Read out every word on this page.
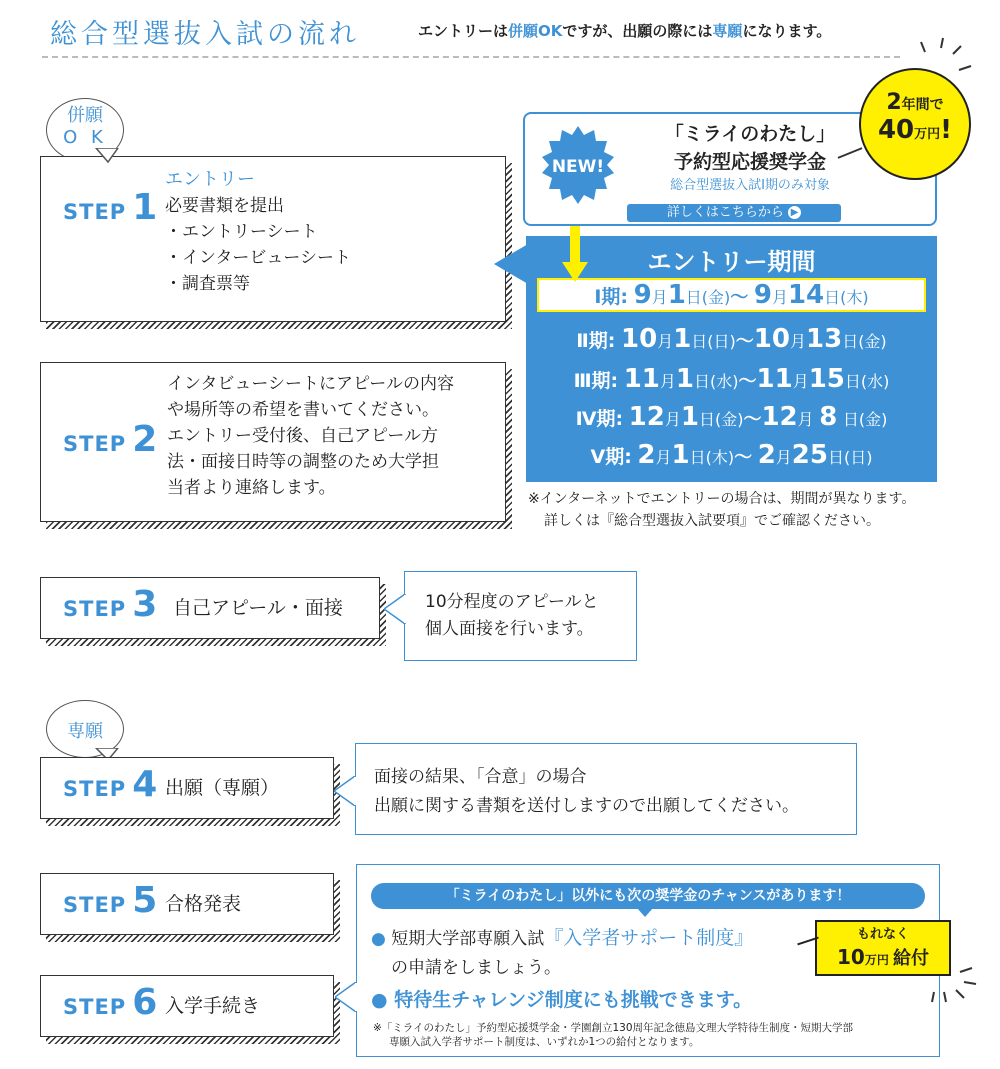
総合型選抜入試の流れ	エントリーは併願OKですが、出願の際には専願になります。
併願
O K
STEP 1
エントリー
必要書類を提出
・エントリーシート
・インタービューシート
・調査票等
STEP 2
インタビューシートにアピールの内容
や場所等の希望を書いてください。
エントリー受付後、自己アピール方
法・面接日時等の調整のため大学担
当者より連絡します。
NEW!
「ミライのわたし」
予約型応援奨学金
総合型選抜入試Ⅰ期のみ対象
詳しくはこちらから ▶
2年間で
40万円!
エントリー期間
Ⅰ期: 9月1日(金)〜 9月14日(木)
Ⅱ期: 10月1日(日)〜10月13日(金)
Ⅲ期: 11月1日(水)〜11月15日(水)
Ⅳ期: 12月1日(金)〜12月 8 日(金)
Ⅴ期: 2月1日(木)〜 2月25日(日)
※インターネットでエントリーの場合は、期間が異なります。
詳しくは『総合型選抜入試要項』でご確認ください。
STEP 3 自己アピール・面接	10分程度のアピールと
個人面接を行います。
専願
STEP 4 出願（専願）	面接の結果、「合意」の場合
出願に関する書類を送付しますので出願してください。
STEP 5 合格発表
STEP 6 入学手続き
「ミライのわたし」以外にも次の奨学金のチャンスがあります！
● 短期大学部専願入試『入学者サポート制度』
の申請をしましょう。
● 特待生チャレンジ制度にも挑戦できます。
※「ミライのわたし」予約型応援奨学金・学園創立130周年記念徳島文理大学特待生制度・短期大学部
専願入試入学者サポート制度は、いずれか1つの給付となります。
もれなく
10万円 給付
